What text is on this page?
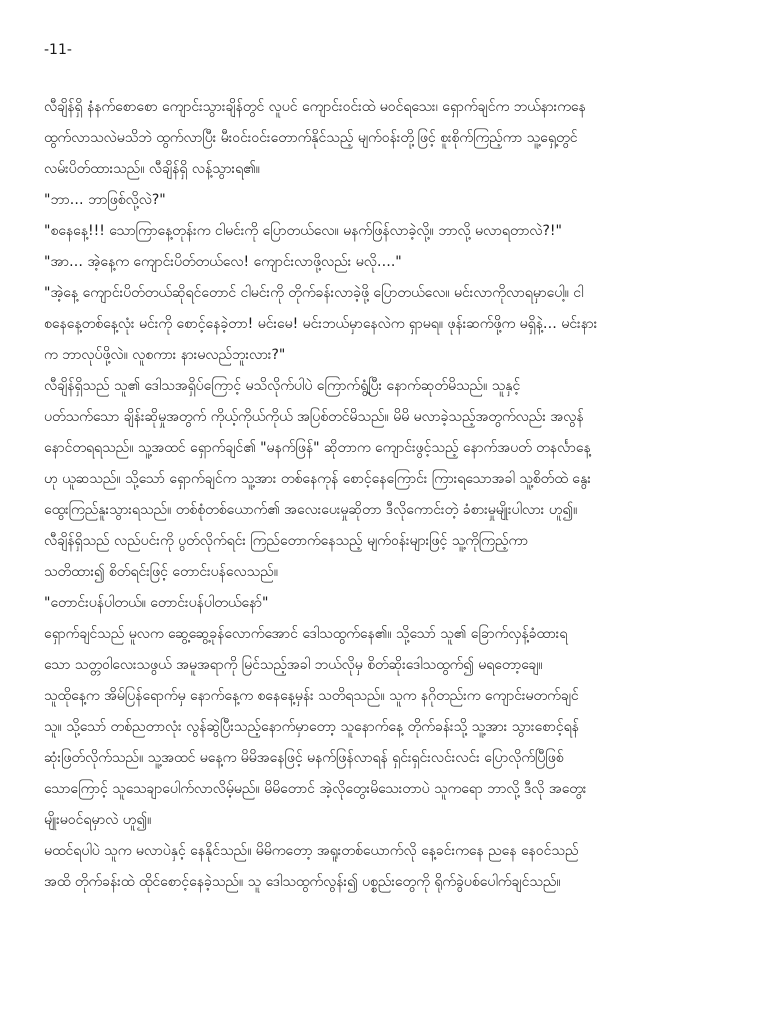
-11-

လီချိန်ရှိ နံနက်စောစော ကျောင်းသွားချိန်တွင် လူပင် ကျောင်းဝင်းထဲ မဝင်ရသေး၊ ရှောက်ချင်က ဘယ်နားကနေ
ထွက်လာသလဲမသိဘဲ ထွက်လာပြီး မီးဝင်းဝင်းတောက်နိုင်သည့် မျက်ဝန်းတို့ဖြင့် စူးစိုက်ကြည့်ကာ သူ့ရှေ့တွင်
လမ်းပိတ်ထားသည်။ လီချိန်ရှိ လန့်သွားရ၏။

"ဘာ… ဘာဖြစ်လို့လဲ?"

"စနေနေ့!!! သောကြာနေ့တုန်းက ငါမင်းကို ပြောတယ်လေ။ မနက်ဖြန်လာခဲ့လို့။ ဘာလို့ မလာရတာလဲ?!"

"အာ… အဲ့နေ့က ကျောင်းပိတ်တယ်လေ! ကျောင်းလာဖို့လည်း မလို…."

"အဲ့နေ့ ကျောင်းပိတ်တယ်ဆိုရင်တောင် ငါမင်းကို တိုက်ခန်းလာခဲ့ဖို့ ပြောတယ်လေ။ မင်းလာကိုလာရမှာပေါ့။ ငါ
စနေနေ့တစ်နေ့လုံး မင်းကို စောင့်နေခဲ့တာ! မင်းမေ! မင်းဘယ်မှာနေလဲက ရှာမရ။ ဖုန်းဆက်ဖို့က မရှိနဲ့… မင်းနား
က ဘာလုပ်ဖို့လဲ။ လူစကား နားမလည်ဘူးလား?"

လီချိန်ရှိသည် သူ၏ ဒေါသအရှိပ်ကြောင့် မသိလိုက်ပါပဲ ကြောက်ရွံ့ပြီး နောက်ဆုတ်မိသည်။ သူနှင့်
ပတ်သက်သော ချိန်းဆိုမှုအတွက် ကိုယ့်ကိုယ်ကိုယ် အပြစ်တင်မိသည်။ မိမိ မလာခဲ့သည့်အတွက်လည်း အလွန်
နောင်တရရသည်။ သူ့အထင် ရှောက်ချင်၏ "မနက်ဖြန်" ဆိုတာက ကျောင်းဖွင့်သည့် နောက်အပတ် တနင်္လာနေ့
ဟု ယူဆသည်။ သို့သော် ရှောက်ချင်က သူ့အား တစ်နေကုန် စောင့်နေကြောင်း ကြားရသောအခါ သူ့စိတ်ထဲ နွေး
ထွေးကြည်နူးသွားရသည်။ တစ်စုံတစ်ယောက်၏ အလေးပေးမှုဆိုတာ ဒီလိုကောင်းတဲ့ ခံစားမှုမျိုးပါလား ဟူ၍။
လီချိန်ရှိသည် လည်ပင်းကို ပွတ်လိုက်ရင်း ကြည်တောက်နေသည့် မျက်ဝန်းများဖြင့် သူ့ကိုကြည့်ကာ
သတိထား၍ စိတ်ရင်းဖြင့် တောင်းပန်လေသည်။

"တောင်းပန်ပါတယ်။ တောင်းပန်ပါတယ်နော်"

ရှောက်ချင်သည် မူလက ဆွေ့ဆွေ့ခုန်လောက်အောင် ဒေါသထွက်နေ၏။ သို့သော် သူ၏ ခြောက်လှန့်ခံထားရ
သော သတ္တဝါလေးသဖွယ် အမူအရာကို မြင်သည့်အခါ ဘယ်လိုမှ စိတ်ဆိုးဒေါသထွက်၍ မရတော့ချေ။
သူထိုနေ့က အိမ်ပြန်ရောက်မှ နောက်နေ့က စနေနေ့မှန်း သတိရသည်။ သူက နဂိုတည်းက ကျောင်းမတက်ချင်
သူ။ သို့သော် တစ်ညတာလုံး လွန်ဆွဲပြီးသည့်နောက်မှာတော့ သူနောက်နေ့ တိုက်ခန်းသို့ သူ့အား သွားစောင့်ရန်
ဆုံးဖြတ်လိုက်သည်။ သူ့အထင် မနေ့က မိမိအနေဖြင့် မနက်ဖြန်လာရန် ရှင်းရှင်းလင်းလင်း ပြောလိုက်ပြီဖြစ်
သောကြောင့် သူသေချာပေါက်လာလိမ့်မည်။ မိမိတောင် အဲ့လိုတွေးမိသေးတာပဲ သူကရော ဘာလို့ ဒီလို အတွေး
မျိုးမဝင်ရမှာလဲ ဟူ၍။

မထင်ရပါပဲ သူက မလာပဲနှင့် နေနိုင်သည်။ မိမိကတော့ အရူးတစ်ယောက်လို နေ့ခင်းကနေ ညနေ နေဝင်သည်
အထိ တိုက်ခန်းထဲ ထိုင်စောင့်နေခဲ့သည်။ သူ ဒေါသထွက်လွန်း၍ ပစ္စည်းတွေကို ရိုက်ခွဲပစ်ပေါက်ချင်သည်။
